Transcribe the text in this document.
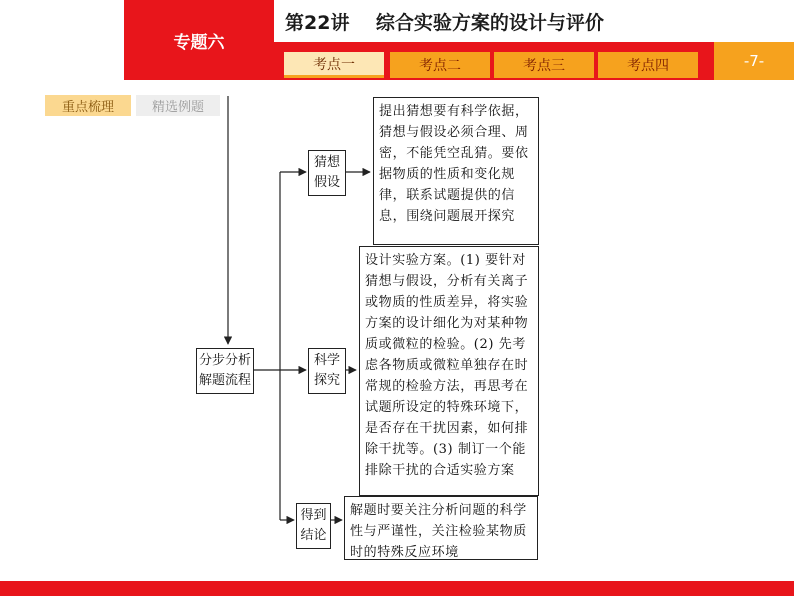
专题六
第22讲    综合实验方案的设计与评价
考点一	考点二	考点三	考点四	-7-
重点梳理	精选例题
分步分析解题流程
猜想假设
提出猜想要有科学依据，猜想与假设必须合理、周密，不能凭空乱猜。要依据物质的性质和变化规律，联系试题提供的信息，围绕问题展开探究
科学探究
设计实验方案。(1) 要针对猜想与假设，分析有关离子或物质的性质差异，将实验方案的设计细化为对某种物质或微粒的检验。(2) 先考虑各物质或微粒单独存在时常规的检验方法，再思考在试题所设定的特殊环境下，是否存在干扰因素，如何排除干扰等。(3) 制订一个能排除干扰的合适实验方案
得到结论
解题时要关注分析问题的科学性与严谨性，关注检验某物质时的特殊反应环境
